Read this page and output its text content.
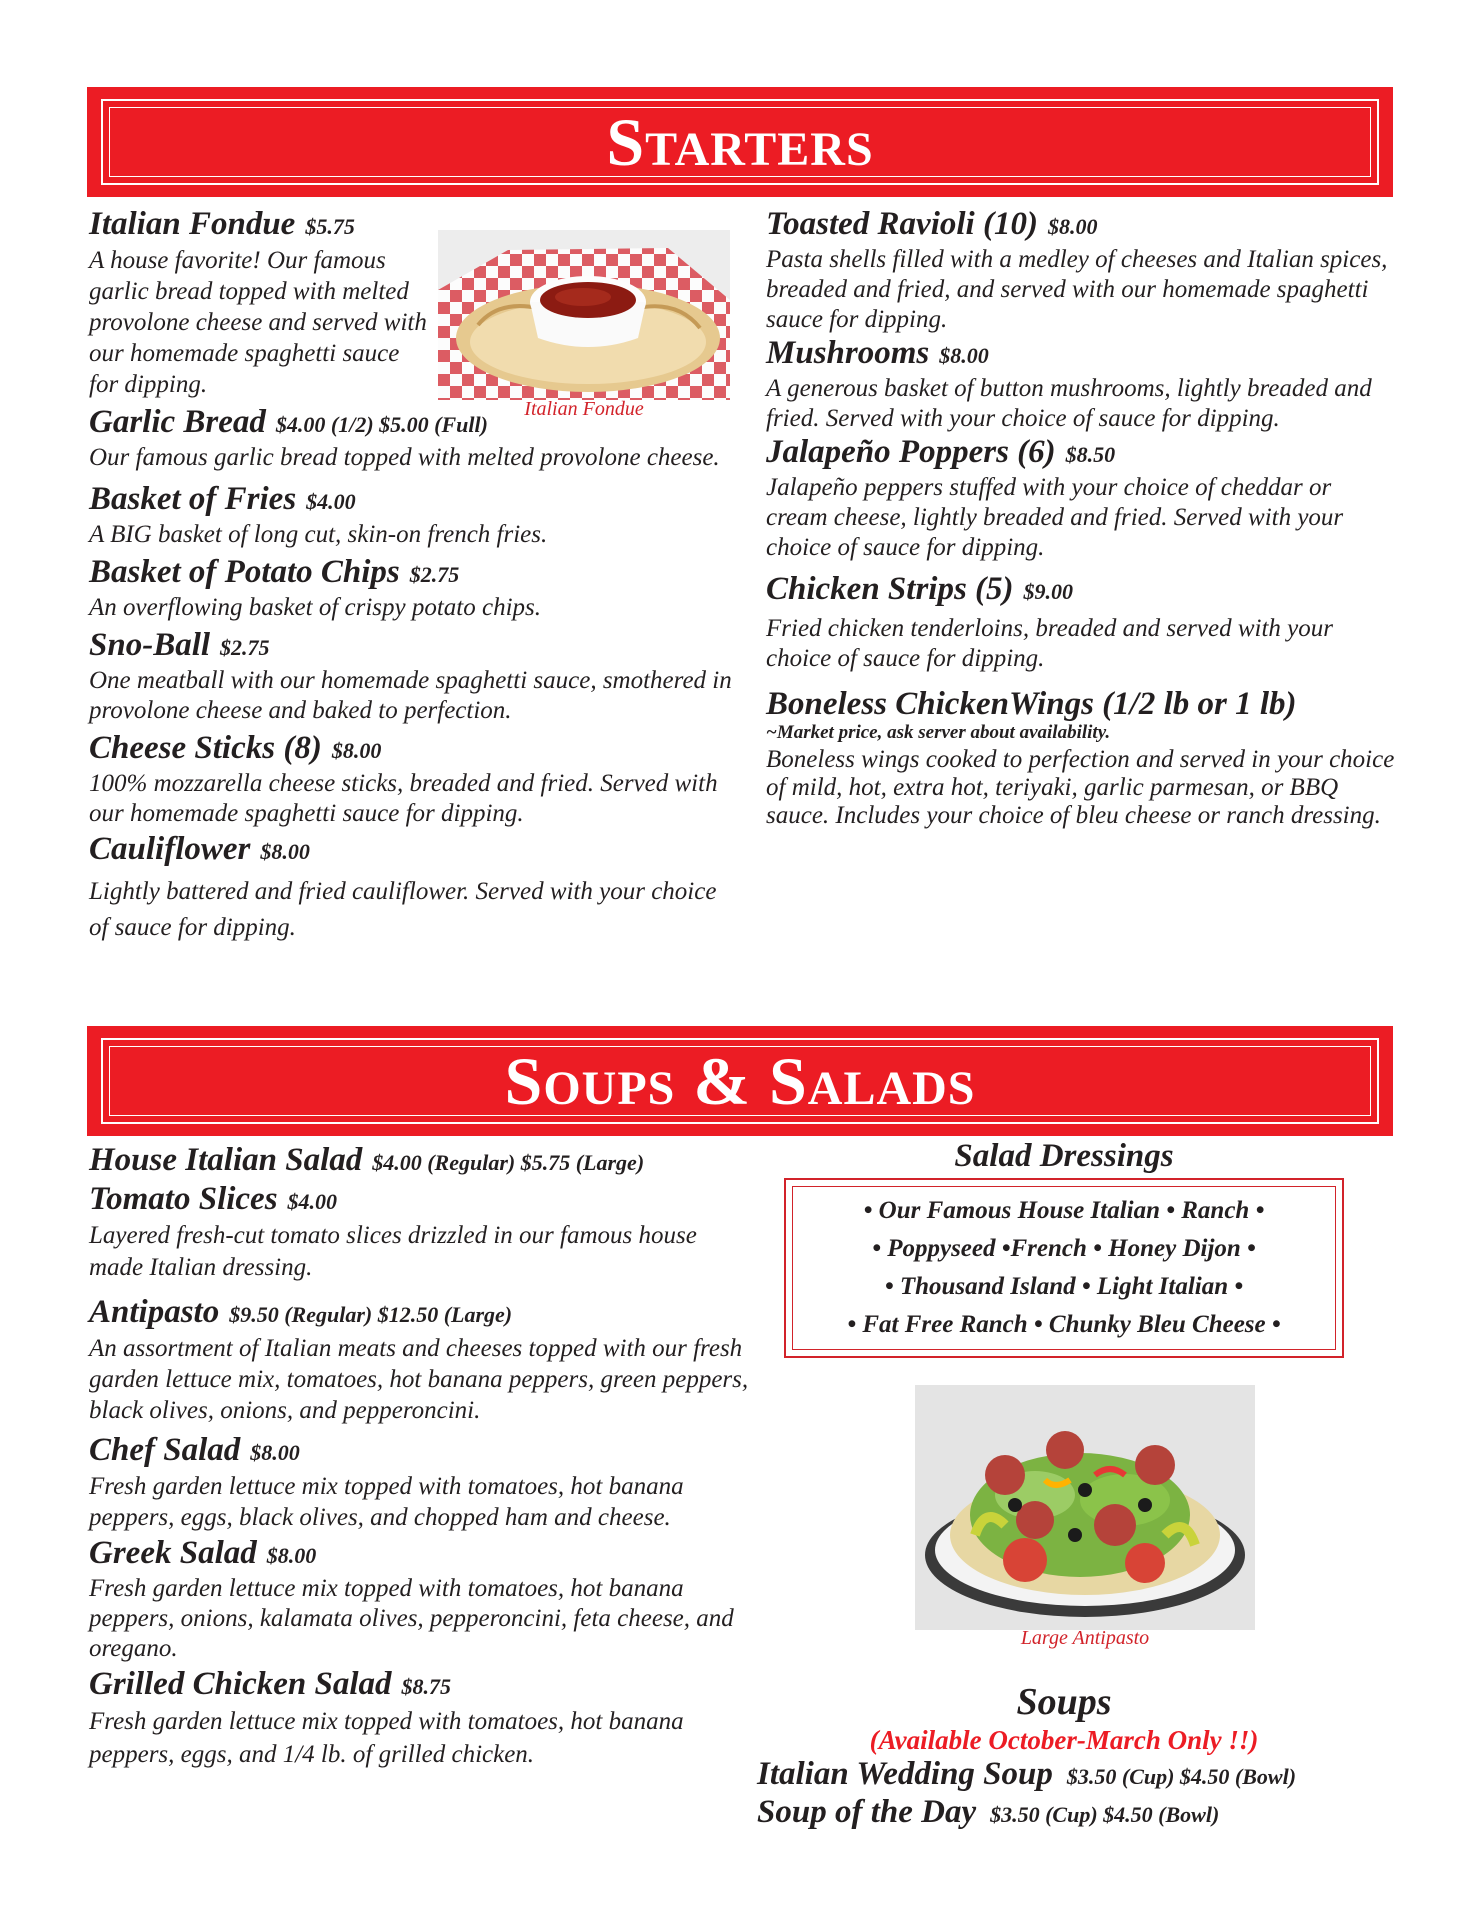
Starters
Italian Fondue $5.75
A house favorite! Our famous garlic bread topped with melted provolone cheese and served with our homemade spaghetti sauce for dipping.
Garlic Bread $4.00 (1/2) $5.00 (Full)
Our famous garlic bread topped with melted provolone cheese.
Basket of Fries $4.00
A BIG basket of long cut, skin-on french fries.
Basket of Potato Chips $2.75
An overflowing basket of crispy potato chips.
Sno-Ball $2.75
One meatball with our homemade spaghetti sauce, smothered in provolone cheese and baked to perfection.
Cheese Sticks (8) $8.00
100% mozzarella cheese sticks, breaded and fried. Served with our homemade spaghetti sauce for dipping.
Cauliflower $8.00
Lightly battered and fried cauliflower. Served with your choice of sauce for dipping.
Italian Fondue
Toasted Ravioli (10) $8.00
Pasta shells filled with a medley of cheeses and Italian spices, breaded and fried, and served with our homemade spaghetti sauce for dipping.
Mushrooms $8.00
A generous basket of button mushrooms, lightly breaded and fried. Served with your choice of sauce for dipping.
Jalapeño Poppers (6) $8.50
Jalapeño peppers stuffed with your choice of cheddar or cream cheese, lightly breaded and fried. Served with your choice of sauce for dipping.
Chicken Strips (5) $9.00
Fried chicken tenderloins, breaded and served with your choice of sauce for dipping.
Boneless ChickenWings (1/2 lb or 1 lb)
~Market price, ask server about availability.
Boneless wings cooked to perfection and served in your choice of mild, hot, extra hot, teriyaki, garlic parmesan, or BBQ sauce. Includes your choice of bleu cheese or ranch dressing.
Soups & Salads
House Italian Salad $4.00 (Regular) $5.75 (Large)
Tomato Slices $4.00
Layered fresh-cut tomato slices drizzled in our famous house made Italian dressing.
Antipasto $9.50 (Regular) $12.50 (Large)
An assortment of Italian meats and cheeses topped with our fresh garden lettuce mix, tomatoes, hot banana peppers, green peppers, black olives, onions, and pepperoncini.
Chef Salad $8.00
Fresh garden lettuce mix topped with tomatoes, hot banana peppers, eggs, black olives, and chopped ham and cheese.
Greek Salad $8.00
Fresh garden lettuce mix topped with tomatoes, hot banana peppers, onions, kalamata olives, pepperoncini, feta cheese, and oregano.
Grilled Chicken Salad $8.75
Fresh garden lettuce mix topped with tomatoes, hot banana peppers, eggs, and 1/4 lb. of grilled chicken.
Salad Dressings
• Our Famous House Italian • Ranch •
• Poppyseed •French • Honey Dijon •
• Thousand Island • Light Italian •
• Fat Free Ranch • Chunky Bleu Cheese •
Large Antipasto
Soups
(Available October-March Only !!)
Italian Wedding Soup $3.50 (Cup) $4.50 (Bowl)
Soup of the Day $3.50 (Cup) $4.50 (Bowl)
